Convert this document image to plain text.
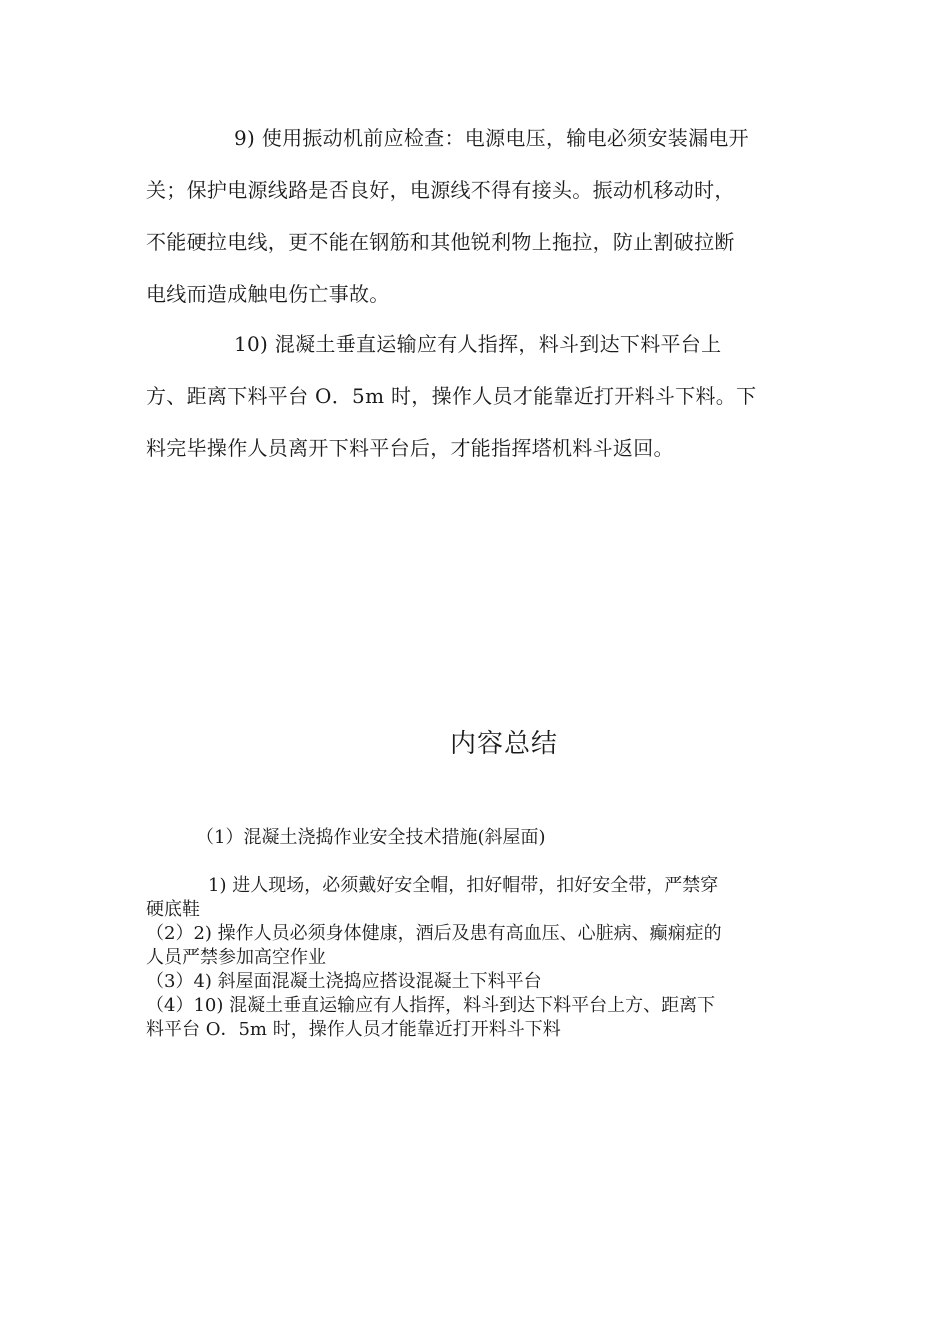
9) 使用振动机前应检查：电源电压，输电必须安装漏电开
关；保护电源线路是否良好，电源线不得有接头。振动机移动时，
不能硬拉电线，更不能在钢筋和其他锐利物上拖拉，防止割破拉断
电线而造成触电伤亡事故。
10) 混凝土垂直运输应有人指挥，料斗到达下料平台上
方、距离下料平台 O．5m 时，操作人员才能靠近打开料斗下料。下
料完毕操作人员离开下料平台后，才能指挥塔机料斗返回。
内容总结
（1）混凝土浇捣作业安全技术措施(斜屋面)
1) 进人现场，必须戴好安全帽，扣好帽带，扣好安全带，严禁穿
硬底鞋
（2）2) 操作人员必须身体健康，酒后及患有高血压、心脏病、癫痫症的
人员严禁参加高空作业
（3）4) 斜屋面混凝土浇捣应搭设混凝土下料平台
（4）10) 混凝土垂直运输应有人指挥，料斗到达下料平台上方、距离下
料平台 O．5m 时，操作人员才能靠近打开料斗下料
